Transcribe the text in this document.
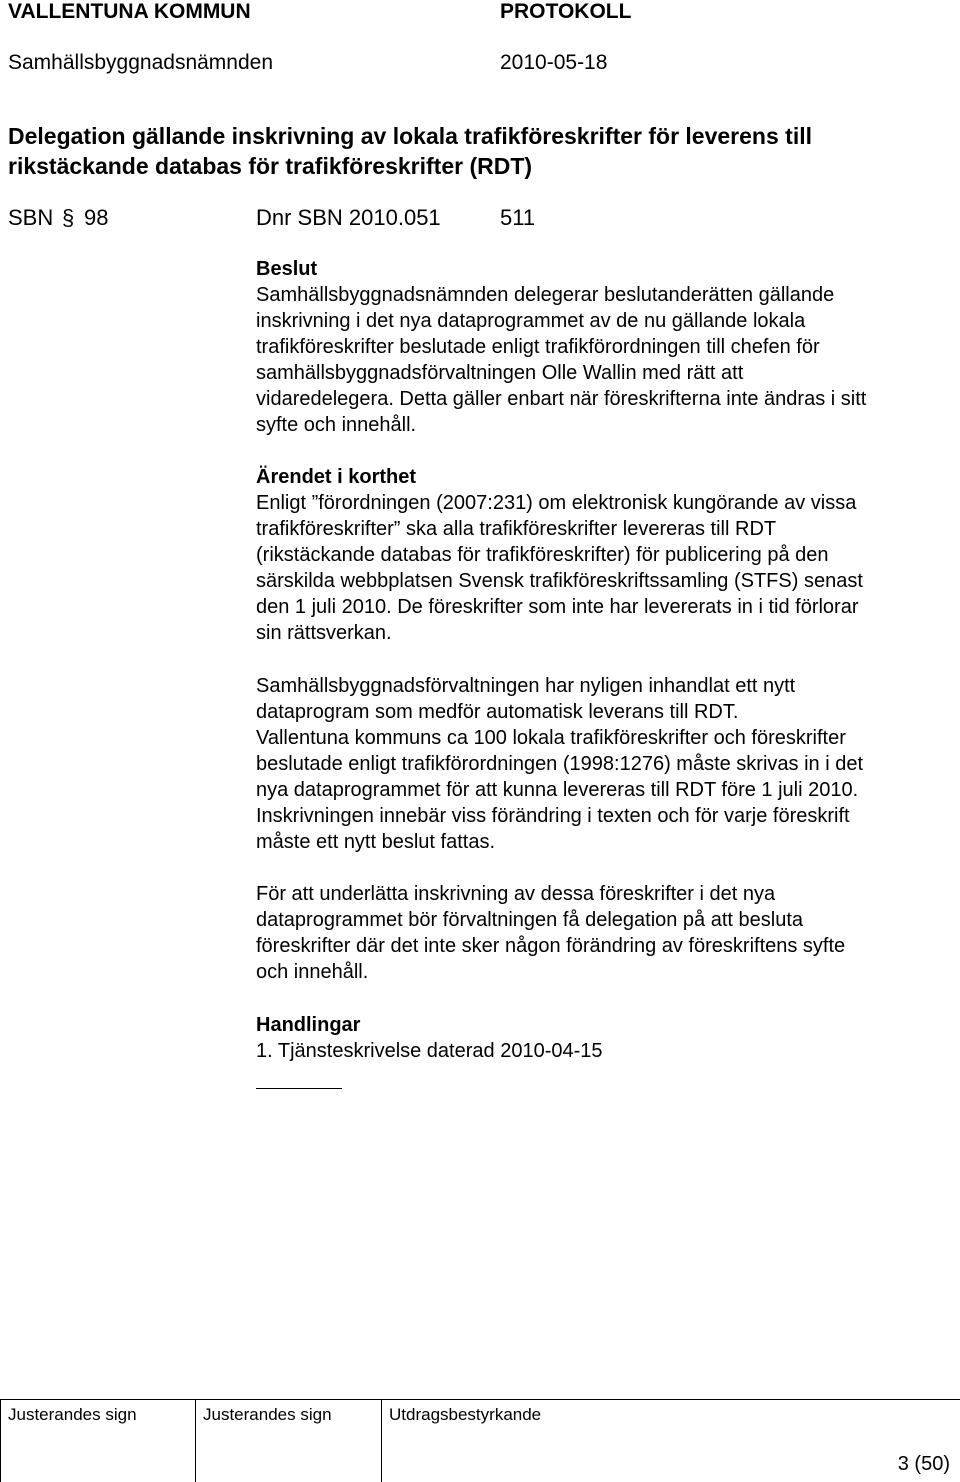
VALLENTUNA KOMMUN	PROTOKOLL
Samhällsbyggnadsnämnden	2010-05-18
Delegation gällande inskrivning av lokala trafikföreskrifter för leverens till
rikstäckande databas för trafikföreskrifter (RDT)
SBN § 98	Dnr SBN 2010.051	511
Beslut
Samhällsbyggnadsnämnden delegerar beslutanderätten gällande
inskrivning i det nya dataprogrammet av de nu gällande lokala
trafikföreskrifter beslutade enligt trafikförordningen till chefen för
samhällsbyggnadsförvaltningen Olle Wallin med rätt att
vidaredelegera. Detta gäller enbart när föreskrifterna inte ändras i sitt
syfte och innehåll.
Ärendet i korthet
Enligt ”förordningen (2007:231) om elektronisk kungörande av vissa
trafikföreskrifter” ska alla trafikföreskrifter levereras till RDT
(rikstäckande databas för trafikföreskrifter) för publicering på den
särskilda webbplatsen Svensk trafikföreskriftssamling (STFS) senast
den 1 juli 2010. De föreskrifter som inte har levererats in i tid förlorar
sin rättsverkan.
Samhällsbyggnadsförvaltningen har nyligen inhandlat ett nytt
dataprogram som medför automatisk leverans till RDT.
Vallentuna kommuns ca 100 lokala trafikföreskrifter och föreskrifter
beslutade enligt trafikförordningen (1998:1276) måste skrivas in i det
nya dataprogrammet för att kunna levereras till RDT före 1 juli 2010.
Inskrivningen innebär viss förändring i texten och för varje föreskrift
måste ett nytt beslut fattas.
För att underlätta inskrivning av dessa föreskrifter i det nya
dataprogrammet bör förvaltningen få delegation på att besluta
föreskrifter där det inte sker någon förändring av föreskriftens syfte
och innehåll.
Handlingar
1. Tjänsteskrivelse daterad 2010-04-15
Justerandes sign	Justerandes sign	Utdragsbestyrkande
3 (50)
